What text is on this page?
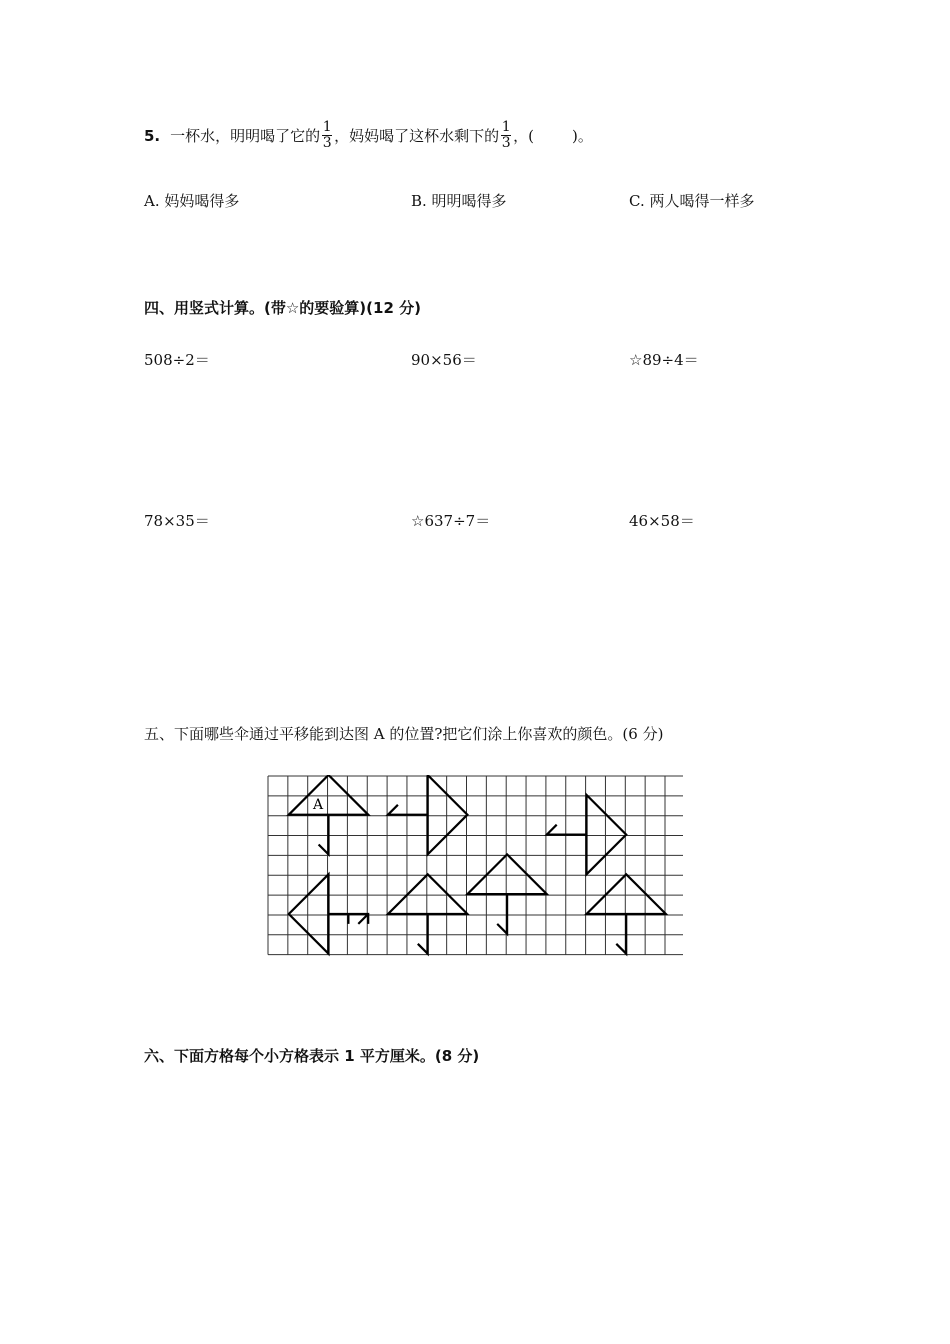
5. 一杯水，明明喝了它的 $\frac{1}{3}$ ，妈妈喝了这杯水剩下的 $\frac{1}{3}$ ，(	)。
A. 妈妈喝得多	B. 明明喝得多	C. 两人喝得一样多
四、用竖式计算。(带☆的要验算)(12 分)
508÷2＝	90×56＝	☆89÷4＝
78×35＝	☆637÷7＝	46×58＝
五、下面哪些伞通过平移能到达图 A 的位置?把它们涂上你喜欢的颜色。(6 分)
A
六、下面方格每个小方格表示 1 平方厘米。(8 分)
